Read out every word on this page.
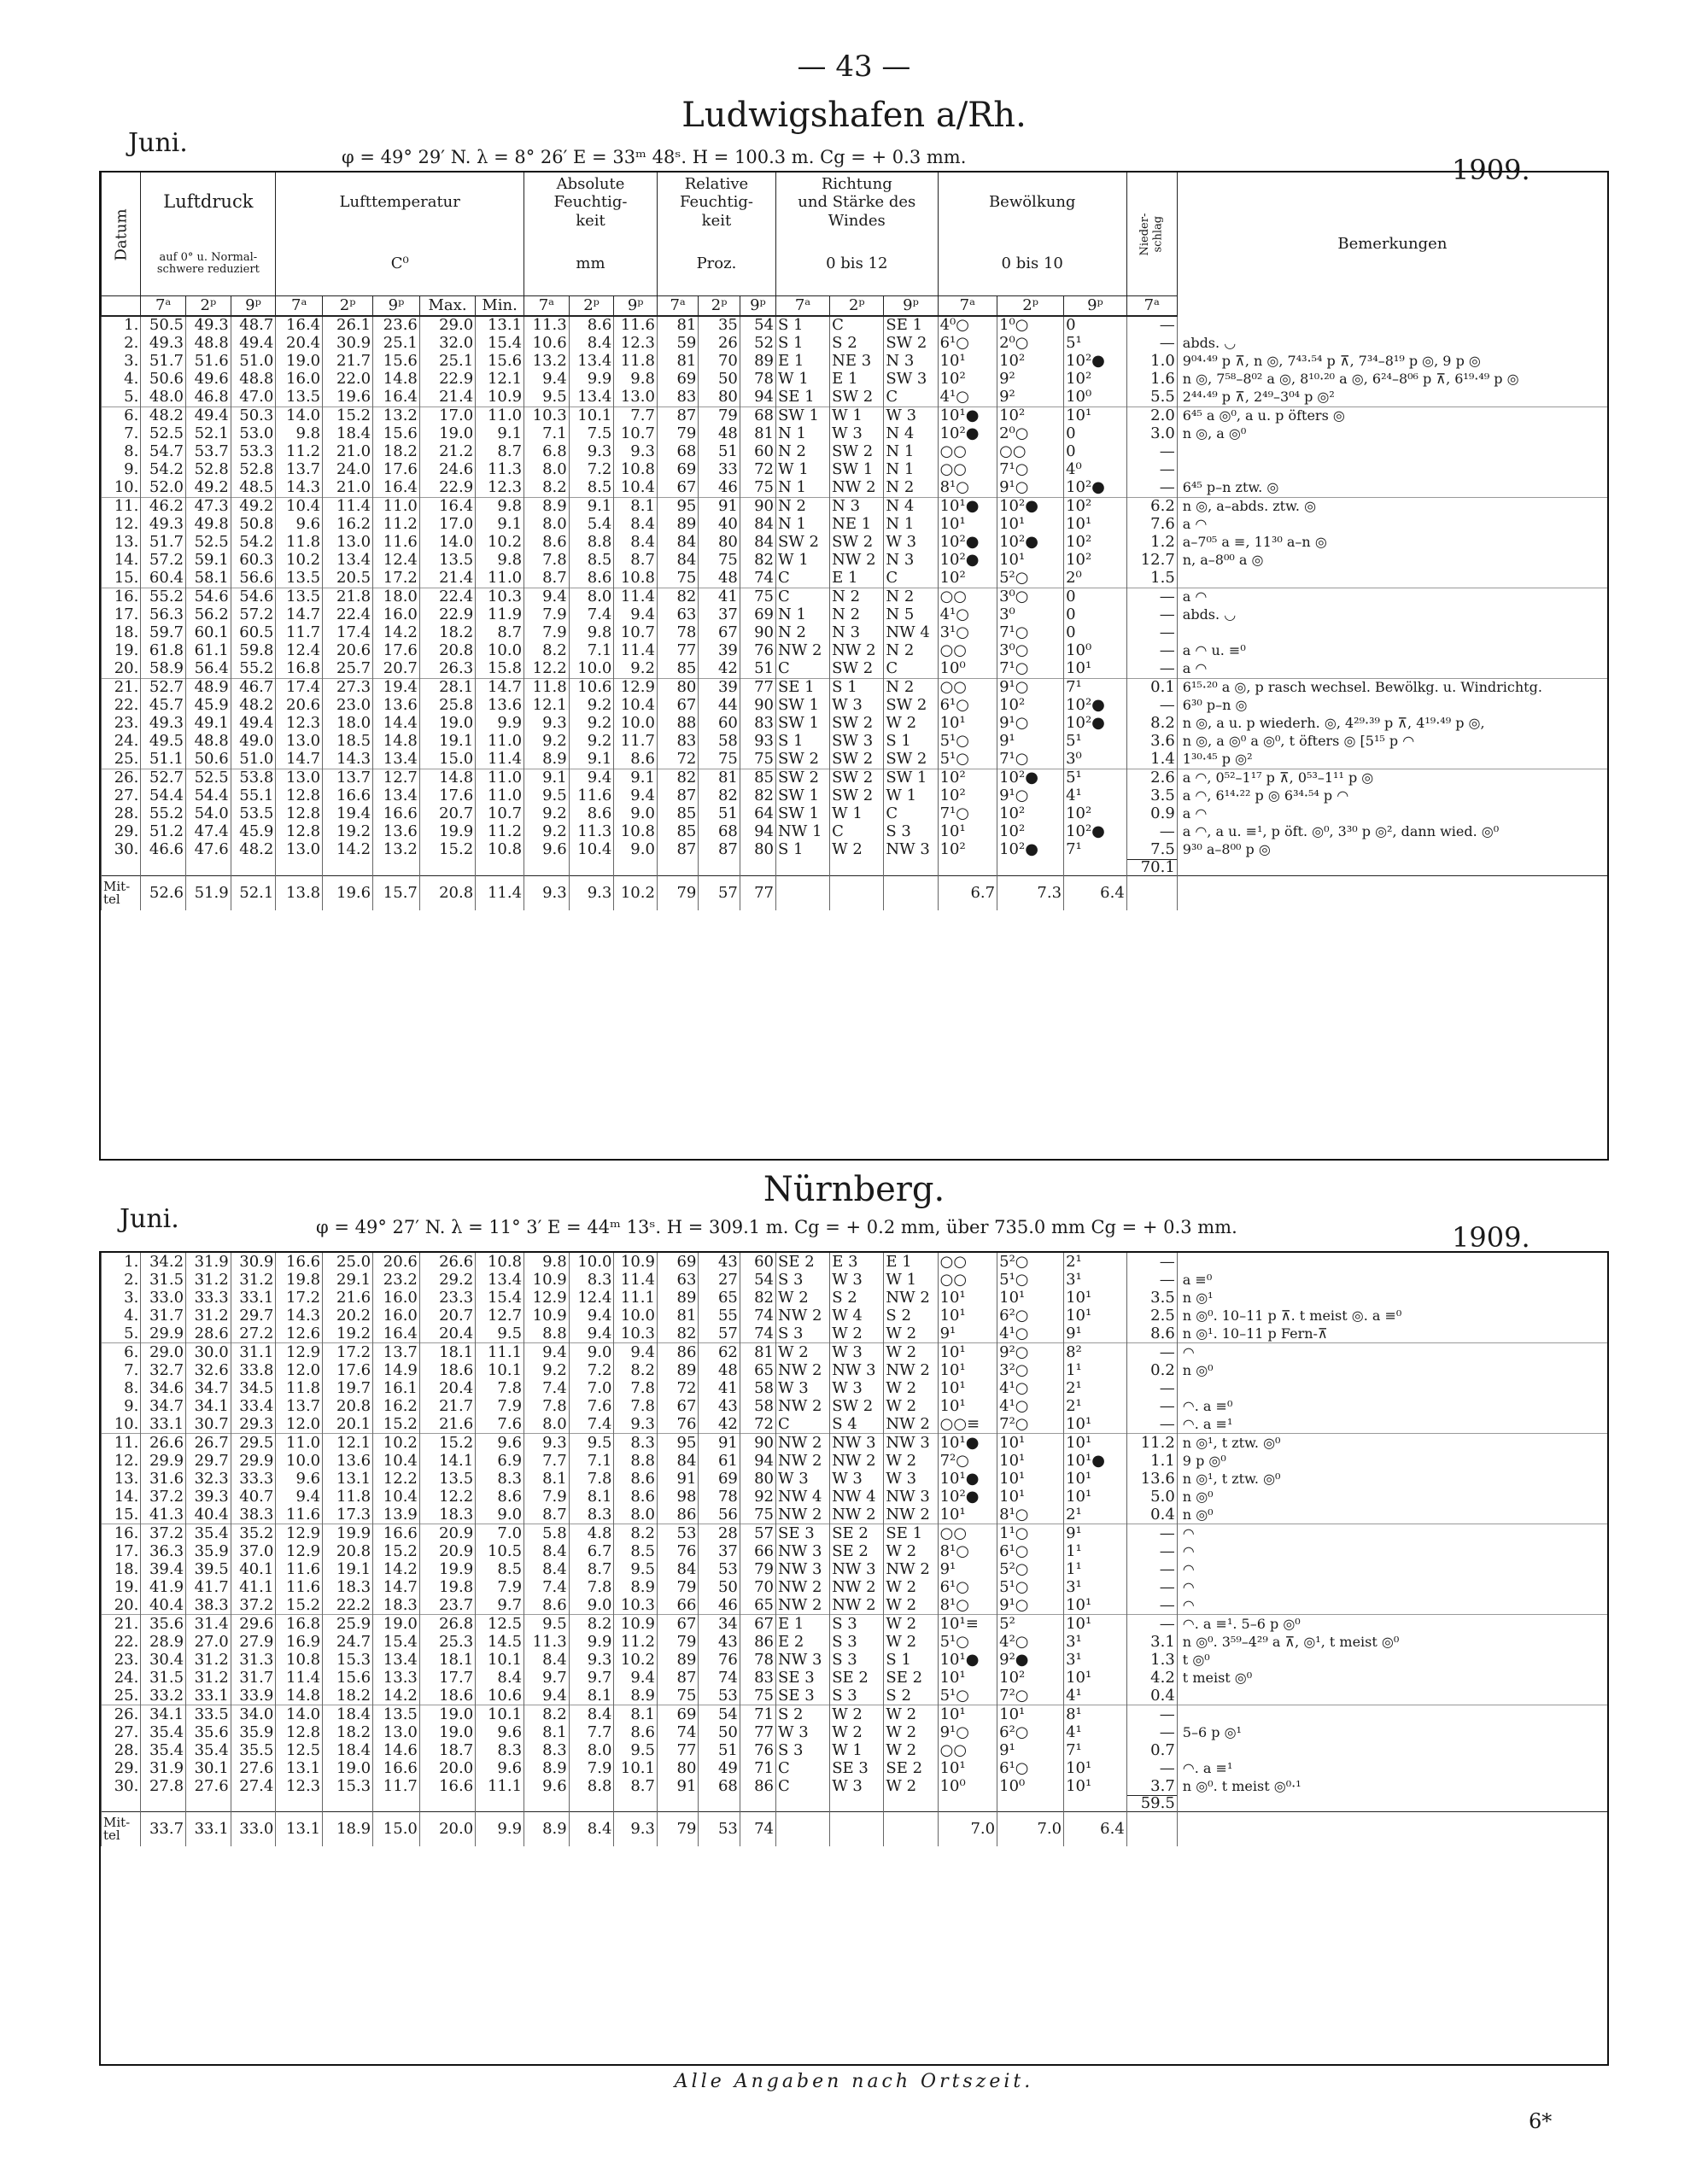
— 43 —
Ludwigshafen a/Rh.
Juni.	φ = 49° 29′ N. λ = 8° 26′ E = 33ᵐ 48ˢ. H = 100.3 m. Cg = + 0.3 mm.	1909.
Datum	Luftdruck			Lufttemperatur					Absolute
Feuchtig-
keit			Relative
Feuchtig-
keit			Richtung
und Stärke des
Windes			Bewölkung			Nieder-
schlag	Bemerkungen
	auf 0° u. Normal-
schwere reduziert			C⁰					mm			Proz.			0 bis 12			0 bis 10				
	7ᵃ	2ᵖ	9ᵖ	7ᵃ	2ᵖ	9ᵖ	Max.	Min.	7ᵃ	2ᵖ	9ᵖ	7ᵃ	2ᵖ	9ᵖ	7ᵃ	2ᵖ	9ᵖ	7ᵃ	2ᵖ	9ᵖ	7ᵃ	
1.	50.5	49.3	48.7	16.4	26.1	23.6	29.0	13.1	11.3	8.6	11.6	81	35	54	S 1	C	SE 1	4⁰○	1⁰○	0	—	
2.	49.3	48.8	49.4	20.4	30.9	25.1	32.0	15.4	10.6	8.4	12.3	59	26	52	S 1	S 2	SW 2	6¹○	2⁰○	5¹	—	abds. ◡
3.	51.7	51.6	51.0	19.0	21.7	15.6	25.1	15.6	13.2	13.4	11.8	81	70	89	E 1	NE 3	N 3	10¹	10²	10²●	1.0	9⁰⁴·⁴⁹ p ⊼, n ◎, 7⁴³·⁵⁴ p ⊼, 7³⁴–8¹⁹ p ◎, 9 p ◎
4.	50.6	49.6	48.8	16.0	22.0	14.8	22.9	12.1	9.4	9.9	9.8	69	50	78	W 1	E 1	SW 3	10²	9²	10²	1.6	n ◎, 7⁵⁸–8⁰² a ◎, 8¹⁰·²⁰ a ◎, 6²⁴–8⁰⁶ p ⊼, 6¹⁹·⁴⁹ p ◎
5.	48.0	46.8	47.0	13.5	19.6	16.4	21.4	10.9	9.5	13.4	13.0	83	80	94	SE 1	SW 2	C	4¹○	9²	10⁰	5.5	2⁴⁴·⁴⁹ p ⊼, 2⁴⁹–3⁰⁴ p ◎²
6.	48.2	49.4	50.3	14.0	15.2	13.2	17.0	11.0	10.3	10.1	7.7	87	79	68	SW 1	W 1	W 3	10¹●	10²	10¹	2.0	6⁴⁵ a ◎⁰, a u. p öfters ◎
7.	52.5	52.1	53.0	9.8	18.4	15.6	19.0	9.1	7.1	7.5	10.7	79	48	81	N 1	W 3	N 4	10²●	2⁰○	0	3.0	n ◎, a ◎⁰
8.	54.7	53.7	53.3	11.2	21.0	18.2	21.2	8.7	6.8	9.3	9.3	68	51	60	N 2	SW 2	N 1	○○	○○	0	—	
9.	54.2	52.8	52.8	13.7	24.0	17.6	24.6	11.3	8.0	7.2	10.8	69	33	72	W 1	SW 1	N 1	○○	7¹○	4⁰	—	
10.	52.0	49.2	48.5	14.3	21.0	16.4	22.9	12.3	8.2	8.5	10.4	67	46	75	N 1	NW 2	N 2	8¹○	9¹○	10²●	—	6⁴⁵ p–n ztw. ◎
11.	46.2	47.3	49.2	10.4	11.4	11.0	16.4	9.8	8.9	9.1	8.1	95	91	90	N 2	N 3	N 4	10¹●	10²●	10²	6.2	n ◎, a–abds. ztw. ◎
12.	49.3	49.8	50.8	9.6	16.2	11.2	17.0	9.1	8.0	5.4	8.4	89	40	84	N 1	NE 1	N 1	10¹	10¹	10¹	7.6	a ◠
13.	51.7	52.5	54.2	11.8	13.0	11.6	14.0	10.2	8.6	8.8	8.4	84	80	84	SW 2	SW 2	W 3	10²●	10²●	10²	1.2	a–7⁰⁵ a ≡, 11³⁰ a–n ◎
14.	57.2	59.1	60.3	10.2	13.4	12.4	13.5	9.8	7.8	8.5	8.7	84	75	82	W 1	NW 2	N 3	10²●	10¹	10²	12.7	n, a–8⁰⁰ a ◎
15.	60.4	58.1	56.6	13.5	20.5	17.2	21.4	11.0	8.7	8.6	10.8	75	48	74	C	E 1	C	10²	5²○	2⁰	1.5	
16.	55.2	54.6	54.6	13.5	21.8	18.0	22.4	10.3	9.4	8.0	11.4	82	41	75	C	N 2	N 2	○○	3⁰○	0	—	a ◠
17.	56.3	56.2	57.2	14.7	22.4	16.0	22.9	11.9	7.9	7.4	9.4	63	37	69	N 1	N 2	N 5	4¹○	3⁰	0	—	abds. ◡
18.	59.7	60.1	60.5	11.7	17.4	14.2	18.2	8.7	7.9	9.8	10.7	78	67	90	N 2	N 3	NW 4	3¹○	7¹○	0	—	
19.	61.8	61.1	59.8	12.4	20.6	17.6	20.8	10.0	8.2	7.1	11.4	77	39	76	NW 2	NW 2	N 2	○○	3⁰○	10⁰	—	a ◠ u. ≡⁰
20.	58.9	56.4	55.2	16.8	25.7	20.7	26.3	15.8	12.2	10.0	9.2	85	42	51	C	SW 2	C	10⁰	7¹○	10¹	—	a ◠
21.	52.7	48.9	46.7	17.4	27.3	19.4	28.1	14.7	11.8	10.6	12.9	80	39	77	SE 1	S 1	N 2	○○	9¹○	7¹	0.1	6¹⁵·²⁰ a ◎, p rasch wechsel. Bewölkg. u. Windrichtg.
22.	45.7	45.9	48.2	20.6	23.0	13.6	25.8	13.6	12.1	9.2	10.4	67	44	90	SW 1	W 3	SW 2	6¹○	10²	10²●	—	6³⁰ p–n ◎
23.	49.3	49.1	49.4	12.3	18.0	14.4	19.0	9.9	9.3	9.2	10.0	88	60	83	SW 1	SW 2	W 2	10¹	9¹○	10²●	8.2	n ◎, a u. p wiederh. ◎, 4²⁹·³⁹ p ⊼, 4¹⁹·⁴⁹ p ◎,
24.	49.5	48.8	49.0	13.0	18.5	14.8	19.1	11.0	9.2	9.2	11.7	83	58	93	S 1	SW 3	S 1	5¹○	9¹	5¹	3.6	n ◎, a ◎⁰ a ◎⁰, t öfters ◎ [5¹⁵ p ◠
25.	51.1	50.6	51.0	14.7	14.3	13.4	15.0	11.4	8.9	9.1	8.6	72	75	75	SW 2	SW 2	SW 2	5¹○	7¹○	3⁰	1.4	1³⁰·⁴⁵ p ◎²
26.	52.7	52.5	53.8	13.0	13.7	12.7	14.8	11.0	9.1	9.4	9.1	82	81	85	SW 2	SW 2	SW 1	10²	10²●	5¹	2.6	a ◠, 0⁵²–1¹⁷ p ⊼, 0⁵³–1¹¹ p ◎
27.	54.4	54.4	55.1	12.8	16.6	13.4	17.6	11.0	9.5	11.6	9.4	87	82	82	SW 1	SW 2	W 1	10²	9¹○	4¹	3.5	a ◠, 6¹⁴·²² p ◎ 6³⁴·⁵⁴ p ◠
28.	55.2	54.0	53.5	12.8	19.4	16.6	20.7	10.7	9.2	8.6	9.0	85	51	64	SW 1	W 1	C	7¹○	10²	10²	0.9	a ◠
29.	51.2	47.4	45.9	12.8	19.2	13.6	19.9	11.2	9.2	11.3	10.8	85	68	94	NW 1	C	S 3	10¹	10²	10²●	—	a ◠, a u. ≡¹, p öft. ◎⁰, 3³⁰ p ◎², dann wied. ◎⁰
30.	46.6	47.6	48.2	13.0	14.2	13.2	15.2	10.8	9.6	10.4	9.0	87	87	80	S 1	W 2	NW 3	10²	10²●	7¹	7.5	9³⁰ a–8⁰⁰ p ◎
																					70.1	
Mit-
tel	52.6	51.9	52.1	13.8	19.6	15.7	20.8	11.4	9.3	9.3	10.2	79	57	77				6.7	7.3	6.4		
Nürnberg.
Juni.	φ = 49° 27′ N. λ = 11° 3′ E = 44ᵐ 13ˢ. H = 309.1 m. Cg = + 0.2 mm, über 735.0 mm Cg = + 0.3 mm.	1909.
1.	34.2	31.9	30.9	16.6	25.0	20.6	26.6	10.8	9.8	10.0	10.9	69	43	60	SE 2	E 3	E 1	○○	5²○	2¹	—	
2.	31.5	31.2	31.2	19.8	29.1	23.2	29.2	13.4	10.9	8.3	11.4	63	27	54	S 3	W 3	W 1	○○	5¹○	3¹	—	a ≡⁰
3.	33.0	33.3	33.1	17.2	21.6	16.0	23.3	15.4	12.9	12.4	11.1	89	65	82	W 2	S 2	NW 2	10¹	10¹	10¹	3.5	n ◎¹
4.	31.7	31.2	29.7	14.3	20.2	16.0	20.7	12.7	10.9	9.4	10.0	81	55	74	NW 2	W 4	S 2	10¹	6²○	10¹	2.5	n ◎⁰. 10–11 p ⊼. t meist ◎. a ≡⁰
5.	29.9	28.6	27.2	12.6	19.2	16.4	20.4	9.5	8.8	9.4	10.3	82	57	74	S 3	W 2	W 2	9¹	4¹○	9¹	8.6	n ◎¹. 10–11 p Fern-⊼
6.	29.0	30.0	31.1	12.9	17.2	13.7	18.1	11.1	9.4	9.0	9.4	86	62	81	W 2	W 3	W 2	10¹	9²○	8²	—	◠
7.	32.7	32.6	33.8	12.0	17.6	14.9	18.6	10.1	9.2	7.2	8.2	89	48	65	NW 2	NW 3	NW 2	10¹	3²○	1¹	0.2	n ◎⁰
8.	34.6	34.7	34.5	11.8	19.7	16.1	20.4	7.8	7.4	7.0	7.8	72	41	58	W 3	W 3	W 2	10¹	4¹○	2¹	—	
9.	34.7	34.1	33.4	13.7	20.8	16.2	21.7	7.9	7.8	7.6	7.8	67	43	58	NW 2	SW 2	W 2	10¹	4¹○	2¹	—	◠. a ≡⁰
10.	33.1	30.7	29.3	12.0	20.1	15.2	21.6	7.6	8.0	7.4	9.3	76	42	72	C	S 4	NW 2	○○≡	7²○	10¹	—	◠. a ≡¹
11.	26.6	26.7	29.5	11.0	12.1	10.2	15.2	9.6	9.3	9.5	8.3	95	91	90	NW 2	NW 3	NW 3	10¹●	10¹	10¹	11.2	n ◎¹, t ztw. ◎⁰
12.	29.9	29.7	29.9	10.0	13.6	10.4	14.1	6.9	7.7	7.1	8.8	84	61	94	NW 2	NW 2	W 2	7²○	10¹	10¹●	1.1	9 p ◎⁰
13.	31.6	32.3	33.3	9.6	13.1	12.2	13.5	8.3	8.1	7.8	8.6	91	69	80	W 3	W 3	W 3	10¹●	10¹	10¹	13.6	n ◎¹, t ztw. ◎⁰
14.	37.2	39.3	40.7	9.4	11.8	10.4	12.2	8.6	7.9	8.1	8.6	98	78	92	NW 4	NW 4	NW 3	10²●	10¹	10¹	5.0	n ◎⁰
15.	41.3	40.4	38.3	11.6	17.3	13.9	18.3	9.0	8.7	8.3	8.0	86	56	75	NW 2	NW 2	NW 2	10¹	8¹○	2¹	0.4	n ◎⁰
16.	37.2	35.4	35.2	12.9	19.9	16.6	20.9	7.0	5.8	4.8	8.2	53	28	57	SE 3	SE 2	SE 1	○○	1¹○	9¹	—	◠
17.	36.3	35.9	37.0	12.9	20.8	15.2	20.9	10.5	8.4	6.7	8.5	76	37	66	NW 3	SE 2	W 2	8¹○	6¹○	1¹	—	◠
18.	39.4	39.5	40.1	11.6	19.1	14.2	19.9	8.5	8.4	8.7	9.5	84	53	79	NW 3	NW 3	NW 2	9¹	5²○	1¹	—	◠
19.	41.9	41.7	41.1	11.6	18.3	14.7	19.8	7.9	7.4	7.8	8.9	79	50	70	NW 2	NW 2	W 2	6¹○	5¹○	3¹	—	◠
20.	40.4	38.3	37.2	15.2	22.2	18.3	23.7	9.7	8.6	9.0	10.3	66	46	65	NW 2	NW 2	W 2	8¹○	9¹○	10¹	—	◠
21.	35.6	31.4	29.6	16.8	25.9	19.0	26.8	12.5	9.5	8.2	10.9	67	34	67	E 1	S 3	W 2	10¹≡	5²	10¹	—	◠. a ≡¹. 5–6 p ◎⁰
22.	28.9	27.0	27.9	16.9	24.7	15.4	25.3	14.5	11.3	9.9	11.2	79	43	86	E 2	S 3	W 2	5¹○	4²○	3¹	3.1	n ◎⁰. 3⁵⁹–4²⁹ a ⊼, ◎¹, t meist ◎⁰
23.	30.4	31.2	31.3	10.8	15.3	13.4	18.1	10.1	8.4	9.3	10.2	89	76	78	NW 3	S 3	S 1	10¹●	9²●	3¹	1.3	t ◎⁰
24.	31.5	31.2	31.7	11.4	15.6	13.3	17.7	8.4	9.7	9.7	9.4	87	74	83	SE 3	SE 2	SE 2	10¹	10²	10¹	4.2	t meist ◎⁰
25.	33.2	33.1	33.9	14.8	18.2	14.2	18.6	10.6	9.4	8.1	8.9	75	53	75	SE 3	S 3	S 2	5¹○	7²○	4¹	0.4	
26.	34.1	33.5	34.0	14.0	18.4	13.5	19.0	10.1	8.2	8.4	8.1	69	54	71	S 2	W 2	W 2	10¹	10¹	8¹	—	
27.	35.4	35.6	35.9	12.8	18.2	13.0	19.0	9.6	8.1	7.7	8.6	74	50	77	W 3	W 2	W 2	9¹○	6²○	4¹	—	5–6 p ◎¹
28.	35.4	35.4	35.5	12.5	18.4	14.6	18.7	8.3	8.3	8.0	9.5	77	51	76	S 3	W 1	W 2	○○	9¹	7¹	0.7	
29.	31.9	30.1	27.6	13.1	19.0	16.6	20.0	9.6	8.9	7.9	10.1	80	49	71	C	SE 3	SE 2	10¹	6¹○	10¹	—	◠. a ≡¹
30.	27.8	27.6	27.4	12.3	15.3	11.7	16.6	11.1	9.6	8.8	8.7	91	68	86	C	W 3	W 2	10⁰	10⁰	10¹	3.7	n ◎⁰. t meist ◎⁰·¹
																					59.5	
Mit-
tel	33.7	33.1	33.0	13.1	18.9	15.0	20.0	9.9	8.9	8.4	9.3	79	53	74				7.0	7.0	6.4		
Alle Angaben nach Ortszeit.
6*
